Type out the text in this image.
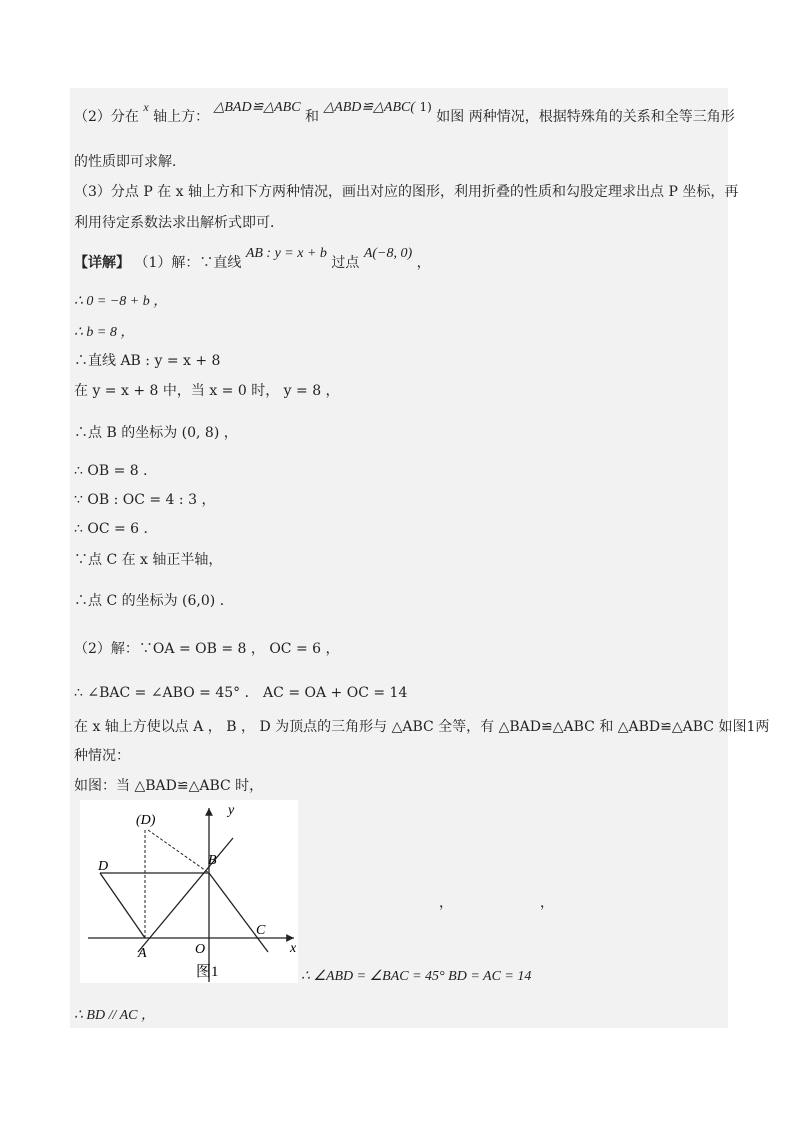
（2）分在 x 轴上方： △BAD≌△ABC 和 △ABD≌△ABC( 1) 如图 两种情况，根据特殊角的关系和全等三角形
的性质即可求解．
（3）分点 P 在 x 轴上方和下方两种情况，画出对应的图形，利用折叠的性质和勾股定理求出点 P 坐标，再
利用待定系数法求出解析式即可．
【详解】 （1）解：∵直线 AB : y = x + b 过点 A(−8, 0) ，
∴ 0 = −8 + b ，
∴ b = 8 ，
∴直线 AB : y = x + 8
在 y = x + 8 中，当 x = 0 时， y = 8 ，
∴点 B 的坐标为 (0, 8) ，
∴ OB = 8 ．
∵ OB : OC = 4 : 3 ，
∴ OC = 6 ．
∵点 C 在 x 轴正半轴，
∴点 C 的坐标为 (6,0) ．
（2）解：∵OA = OB = 8 ， OC = 6 ，
∴ ∠BAC = ∠ABO = 45° ． AC = OA + OC = 14
在 x 轴上方使以点 A ， B ， D 为顶点的三角形与 △ABC 全等，有 △BAD≌△ABC 和 △ABD≌△ABC 如图1两
种情况：
如图：当 △BAD≌△ABC 时，
(D)
D	B
y
A	O
C
x
图1
，	，
∴ ∠ABD = ∠BAC = 45° BD = AC = 14
∴ BD // AC ，
